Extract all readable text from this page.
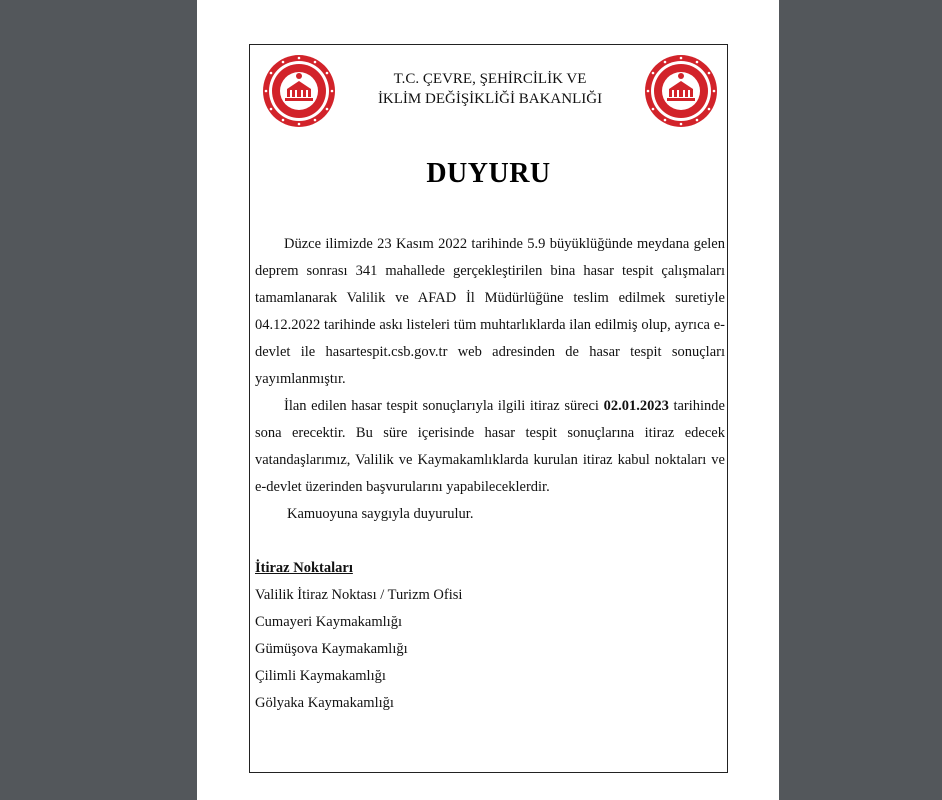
T.C. ÇEVRE, ŞEHİRCİLİK VE
İKLİM DEĞİŞİKLİĞİ BAKANLIĞI
DUYURU

Düzce ilimizde 23 Kasım 2022 tarihinde 5.9 büyüklüğünde meydana gelen deprem sonrası 341 mahallede gerçekleştirilen bina hasar tespit çalışmaları tamamlanarak Valilik ve AFAD İl Müdürlüğüne teslim edilmek suretiyle 04.12.2022 tarihinde askı listeleri tüm muhtarlıklarda ilan edilmiş olup, ayrıca e-devlet ile hasartespit.csb.gov.tr web adresinden de hasar tespit sonuçları yayımlanmıştır.

İlan edilen hasar tespit sonuçlarıyla ilgili itiraz süreci 02.01.2023 tarihinde sona erecektir. Bu süre içerisinde hasar tespit sonuçlarına itiraz edecek vatandaşlarımız, Valilik ve Kaymakamlıklarda kurulan itiraz kabul noktaları ve e-devlet üzerinden başvurularını yapabileceklerdir.

Kamuoyuna saygıyla duyurulur.

İtiraz Noktaları
Valilik İtiraz Noktası / Turizm Ofisi
Cumayeri Kaymakamlığı
Gümüşova Kaymakamlığı
Çilimli Kaymakamlığı
Gölyaka Kaymakamlığı
